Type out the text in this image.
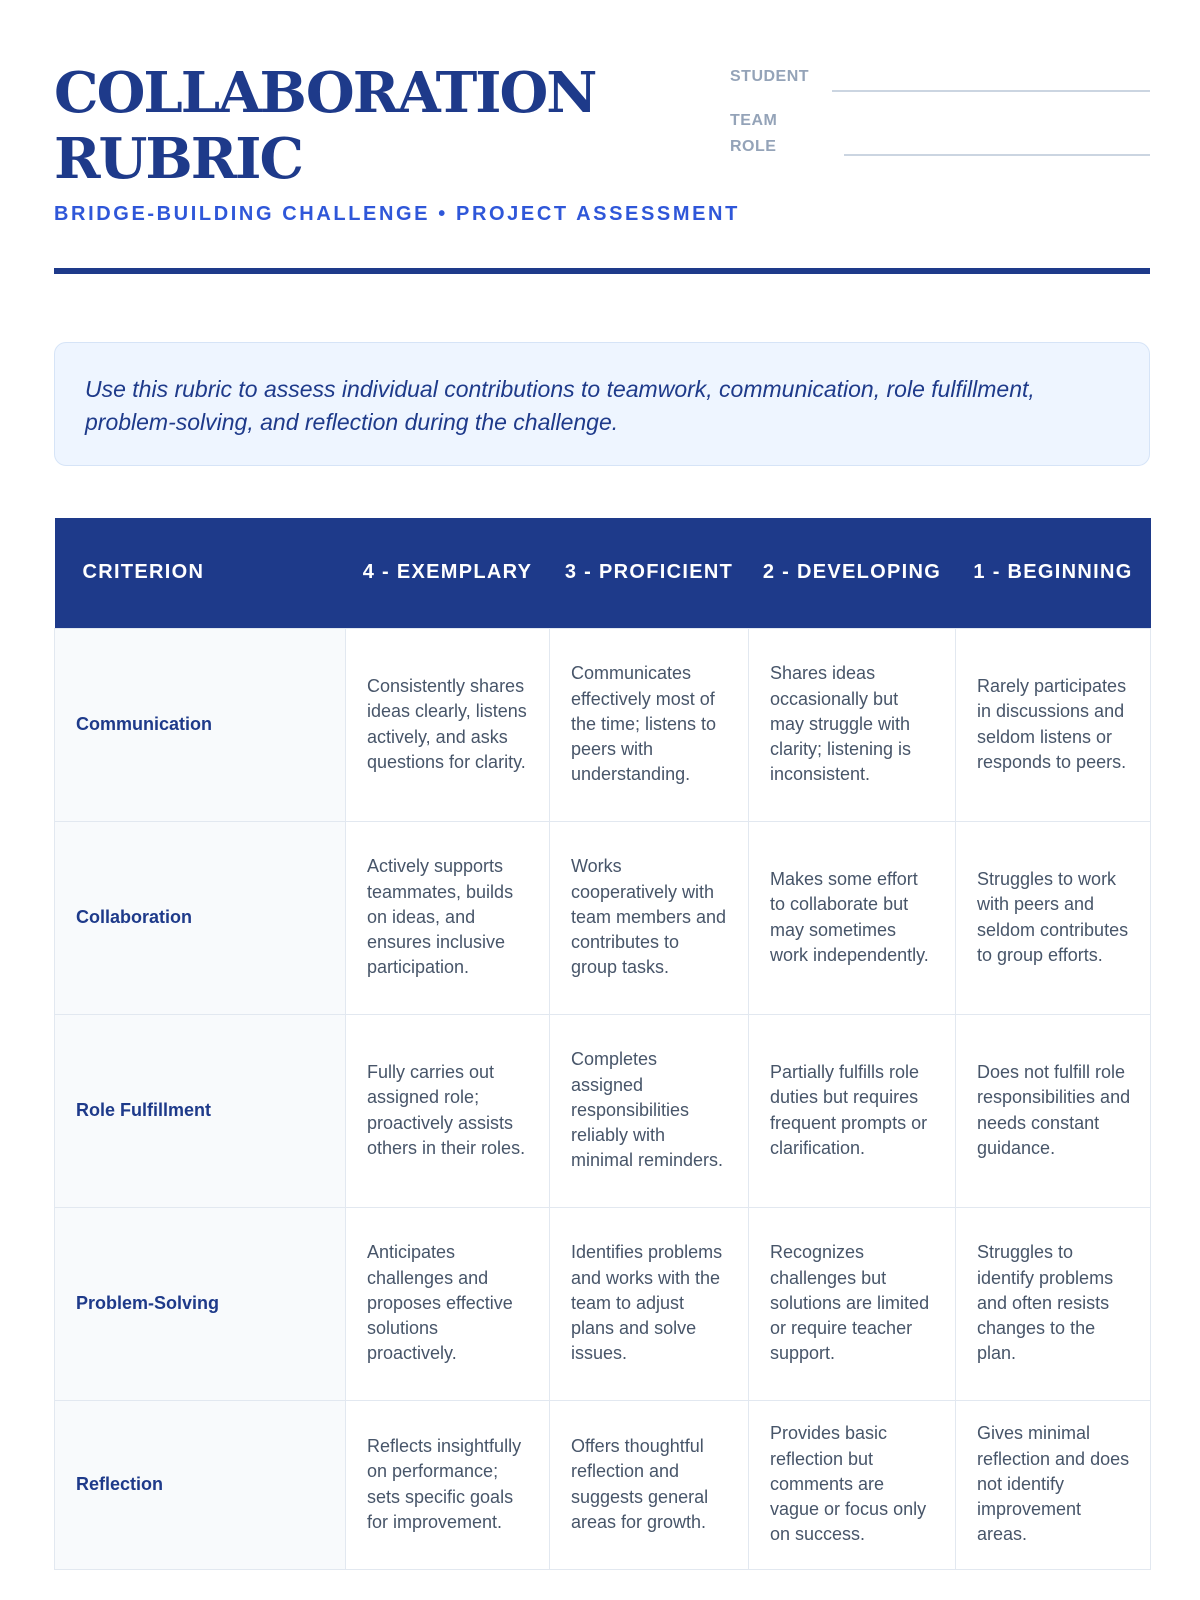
COLLABORATION RUBRIC
BRIDGE-BUILDING CHALLENGE • PROJECT ASSESSMENT
STUDENT
TEAM ROLE

Use this rubric to assess individual contributions to teamwork, communication, role fulfillment, problem-solving, and reflection during the challenge.

CRITERION	4 - EXEMPLARY	3 - PROFICIENT	2 - DEVELOPING	1 - BEGINNING
Communication	Consistently shares ideas clearly, listens actively, and asks questions for clarity.	Communicates effectively most of the time; listens to peers with understanding.	Shares ideas occasionally but may struggle with clarity; listening is inconsistent.	Rarely participates in discussions and seldom listens or responds to peers.
Collaboration	Actively supports teammates, builds on ideas, and ensures inclusive participation.	Works cooperatively with team members and contributes to group tasks.	Makes some effort to collaborate but may sometimes work independently.	Struggles to work with peers and seldom contributes to group efforts.
Role Fulfillment	Fully carries out assigned role; proactively assists others in their roles.	Completes assigned responsibilities reliably with minimal reminders.	Partially fulfills role duties but requires frequent prompts or clarification.	Does not fulfill role responsibilities and needs constant guidance.
Problem-Solving	Anticipates challenges and proposes effective solutions proactively.	Identifies problems and works with the team to adjust plans and solve issues.	Recognizes challenges but solutions are limited or require teacher support.	Struggles to identify problems and often resists changes to the plan.
Reflection	Reflects insightfully on performance; sets specific goals for improvement.	Offers thoughtful reflection and suggests general areas for growth.	Provides basic reflection but comments are vague or focus only on success.	Gives minimal reflection and does not identify improvement areas.
